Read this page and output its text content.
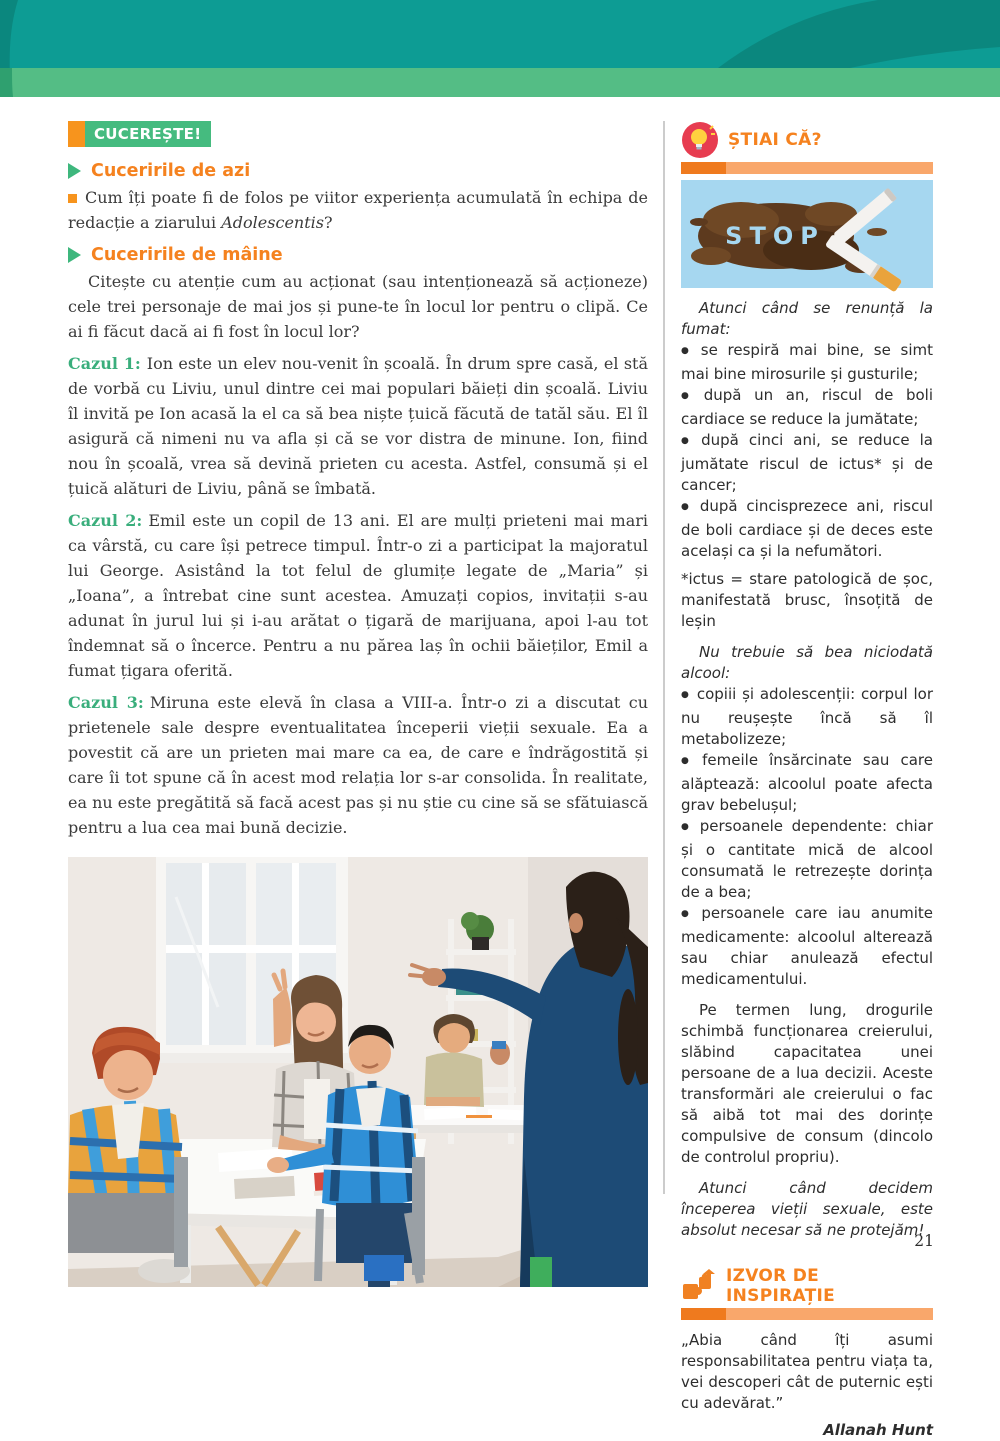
CUCEREȘTE!
Cuceririle de azi

Cum îți poate fi de folos pe viitor experiența acumulată în echipa de redacție a ziarului Adolescentis?

Cuceririle de mâine

Citește cu atenție cum au acționat (sau intenționează să acționeze) cele trei personaje de mai jos și pune-te în locul lor pentru o clipă. Ce ai fi făcut dacă ai fi fost în locul lor?

Cazul 1: Ion este un elev nou-venit în școală. În drum spre casă, el stă de vorbă cu Liviu, unul dintre cei mai populari băieți din școală. Liviu îl invită pe Ion acasă la el ca să bea niște țuică făcută de tatăl său. El îl asigură că nimeni nu va afla și că se vor distra de minune. Ion, fiind nou în școală, vrea să devină prieten cu acesta. Astfel, consumă și el țuică alături de Liviu, până se îmbată.

Cazul 2: Emil este un copil de 13 ani. El are mulți prieteni mai mari ca vârstă, cu care își petrece timpul. Într-o zi a participat la majoratul lui George. Asistând la tot felul de glumițe legate de „Maria” și „Ioana”, a întrebat cine sunt acestea. Amuzați copios, invitații s-au adunat în jurul lui și i-au arătat o țigară de marijuana, apoi l-au tot îndemnat să o încerce. Pentru a nu părea laș în ochii băieților, Emil a fumat țigara oferită.

Cazul 3: Miruna este elevă în clasa a VIII-a. Într-o zi a discutat cu prietenele sale despre eventualitatea începerii vieții sexuale. Ea a povestit că are un prieten mai mare ca ea, de care e îndrăgostită și care îi tot spune că în acest mod relația lor s-ar consolida. În realitate, ea nu este pregătită să facă acest pas și nu știe cu cine să se sfătuiască pentru a lua cea mai bună decizie.

ȘTIAI CĂ?
STOP

Atunci când se renunță la fumat:

● se respiră mai bine, se simt mai bine mirosurile și gusturile;

● după un an, riscul de boli cardiace se reduce la jumătate;

● după cinci ani, se reduce la jumătate riscul de ictus* și de cancer;

● după cincisprezece ani, riscul de boli cardiace și de deces este același ca și la nefumători.

*ictus = stare patologică de șoc, manifestată brusc, însoțită de leșin

Nu trebuie să bea niciodată alcool:

● copiii și adolescenții: corpul lor nu reușește încă să îl metabolizeze;

● femeile însărcinate sau care alăptează: alcoolul poate afecta grav bebelușul;

● persoanele dependente: chiar și o cantitate mică de alcool consumată le retrezește dorința de a bea;

● persoanele care iau anumite medicamente: alcoolul alterează sau chiar anulează efectul medicamentului.

Pe termen lung, drogurile schimbă funcționarea creierului, slăbind capacitatea unei persoane de a lua decizii. Aceste transformări ale creierului o fac să aibă tot mai des dorințe compulsive de consum (dincolo de controlul propriu).

Atunci când decidem începerea vieții sexuale, este absolut necesar să ne protejăm!

IZVOR DE INSPIRAȚIE

„Abia când îți asumi responsabilitatea pentru viața ta, vei descoperi cât de puternic ești cu adevărat.”

Allanah Hunt

21
